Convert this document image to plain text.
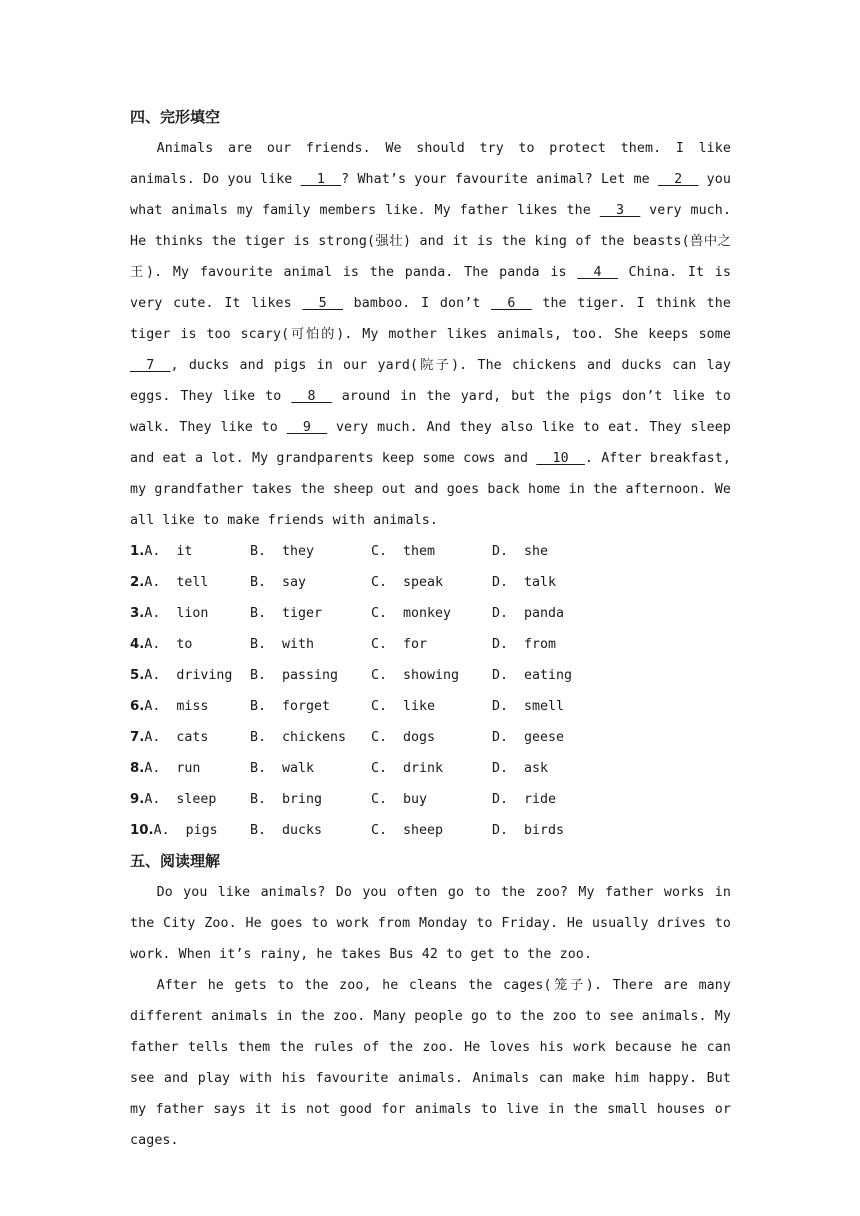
四、完形填空

Animals are our friends. We should try to protect them. I like animals. Do you like   1  ? What’s your favourite animal? Let me   2   you what animals my family members like. My father likes the   3   very much. He thinks the tiger is strong(强壮) and it is the king of the beasts(兽中之王). My favourite animal is the panda. The panda is   4   China. It is very cute. It likes   5   bamboo. I don’t   6   the tiger. I think the tiger is too scary(可怕的). My mother likes animals, too. She keeps some   7  , ducks and pigs in our yard(院子). The chickens and ducks can lay eggs. They like to   8   around in the yard, but the pigs don’t like to walk. They like to   9   very much. And they also like to eat. They sleep and eat a lot. My grandparents keep some cows and   10  . After breakfast, my grandfather takes the sheep out and goes back home in the afternoon. We all like to make friends with animals.

1.A.  it	B.  they	C.  them	D.  she
2.A.  tell	B.  say	C.  speak	D.  talk
3.A.  lion	B.  tiger	C.  monkey	D.  panda
4.A.  to	B.  with	C.  for	D.  from
5.A.  driving	B.  passing	C.  showing	D.  eating
6.A.  miss	B.  forget	C.  like	D.  smell
7.A.  cats	B.  chickens	C.  dogs	D.  geese
8.A.  run	B.  walk	C.  drink	D.  ask
9.A.  sleep	B.  bring	C.  buy	D.  ride
10.A.  pigs	B.  ducks	C.  sheep	D.  birds
五、阅读理解

Do you like animals? Do you often go to the zoo? My father works in the City Zoo. He goes to work from Monday to Friday. He usually drives to work. When it’s rainy, he takes Bus 42 to get to the zoo.

After he gets to the zoo, he cleans the cages(笼子). There are many different animals in the zoo. Many people go to the zoo to see animals. My father tells them the rules of the zoo. He loves his work because he can see and play with his favourite animals. Animals can make him happy. But my father says it is not good for animals to live in the small houses or cages.
